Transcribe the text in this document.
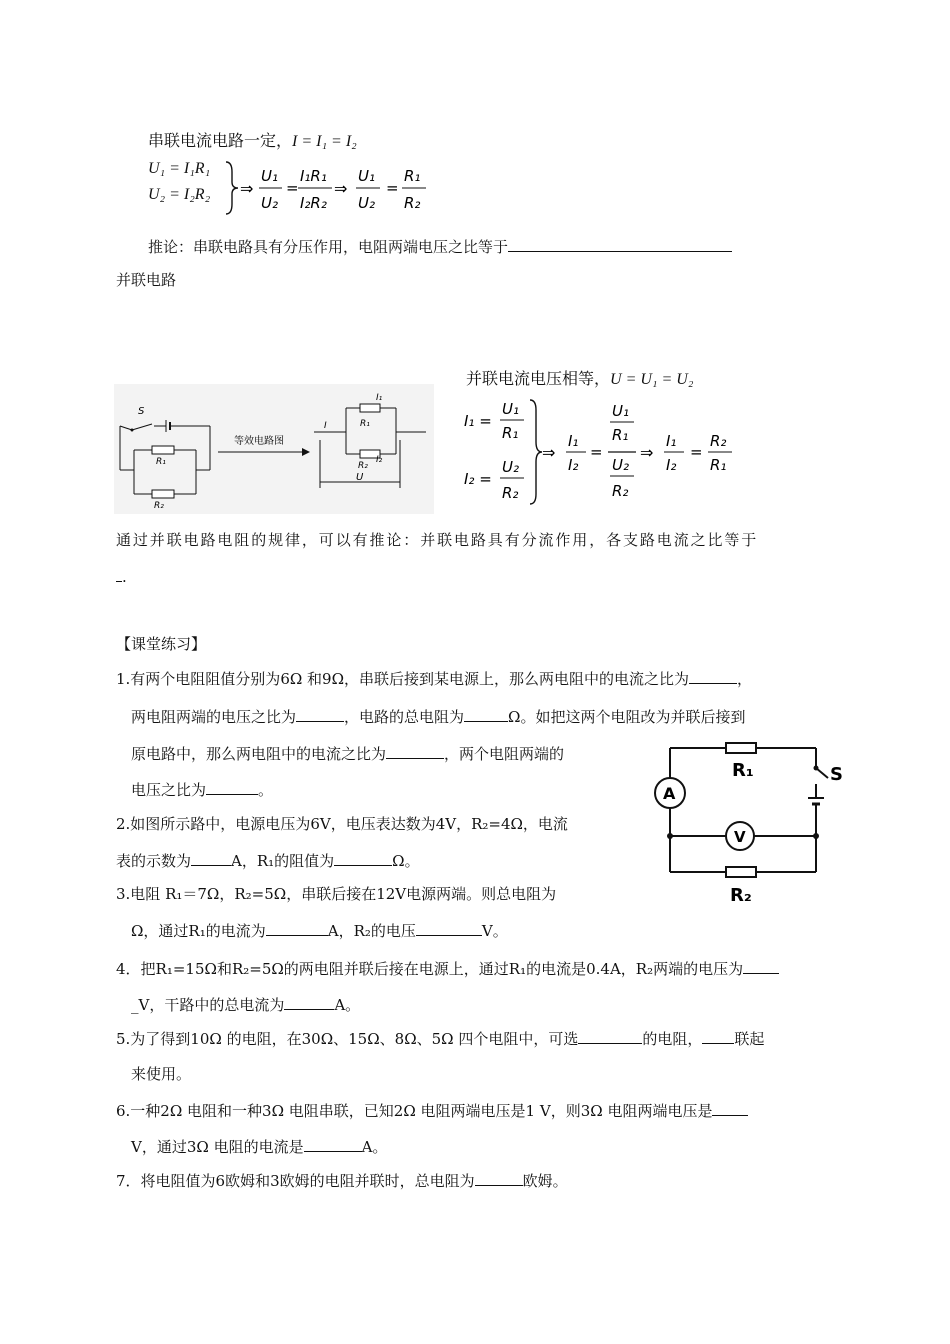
串联电流电路一定，I = I₁ = I₂
U₁ = I₁R₁
U₂ = I₂R₂ ⇒
U₁
U₂
=
I₁R₁
I₂R₂
⇒
U₁
U₂
=
R₁
R₂
推论：串联电路具有分压作用，电阻两端电压之比等于
并联电路
并联电流电压相等，U = U₁ = U₂
S
R₁
R₂
等效电路图
I
I₁
R₁
R₂
I₂
U
I₁ =
U₁
R₁
I₂ =
U₂
R₂
⇒
I₁
I₂
=
U₁
R₁
U₂
R₂
⇒
I₁
I₂
=
R₂
R₁
通过并联电路电阻的规律，可以有推论：并联电路具有分流作用，各支路电流之比等于
.
【课堂练习】
1.有两个电阻阻值分别为6Ω 和9Ω，串联后接到某电源上，那么两电阻中的电流之比为	，
两电阻两端的电压之比为	，电路的总电阻为	Ω。如把这两个电阻改为并联后接到
原电路中，那么两电阻中的电流之比为	，两个电阻两端的
电压之比为	。
2.如图所示路中，电源电压为6V，电压表达数为4V，R₂=4Ω，电流
表的示数为	A，R₁的阻值为	Ω。
3.电阻 R₁＝7Ω，R₂=5Ω，串联后接在12V电源两端。则总电阻为
Ω，通过R₁的电流为	A，R₂的电压	V。
4．把R₁=15Ω和R₂=5Ω的两电阻并联后接在电源上，通过R₁的电流是0.4A，R₂两端的电压为
_V，干路中的总电流为	A。
5.为了得到10Ω 的电阻，在30Ω、15Ω、8Ω、5Ω 四个电阻中，可选	的电阻， 联起
来使用。
6.一种2Ω 电阻和一种3Ω 电阻串联，已知2Ω 电阻两端电压是1 V，则3Ω 电阻两端电压是
V，通过3Ω 电阻的电流是	A。
7．将电阻值为6欧姆和3欧姆的电阻并联时，总电阻为	欧姆。
R₁	S
A
V
R₂
